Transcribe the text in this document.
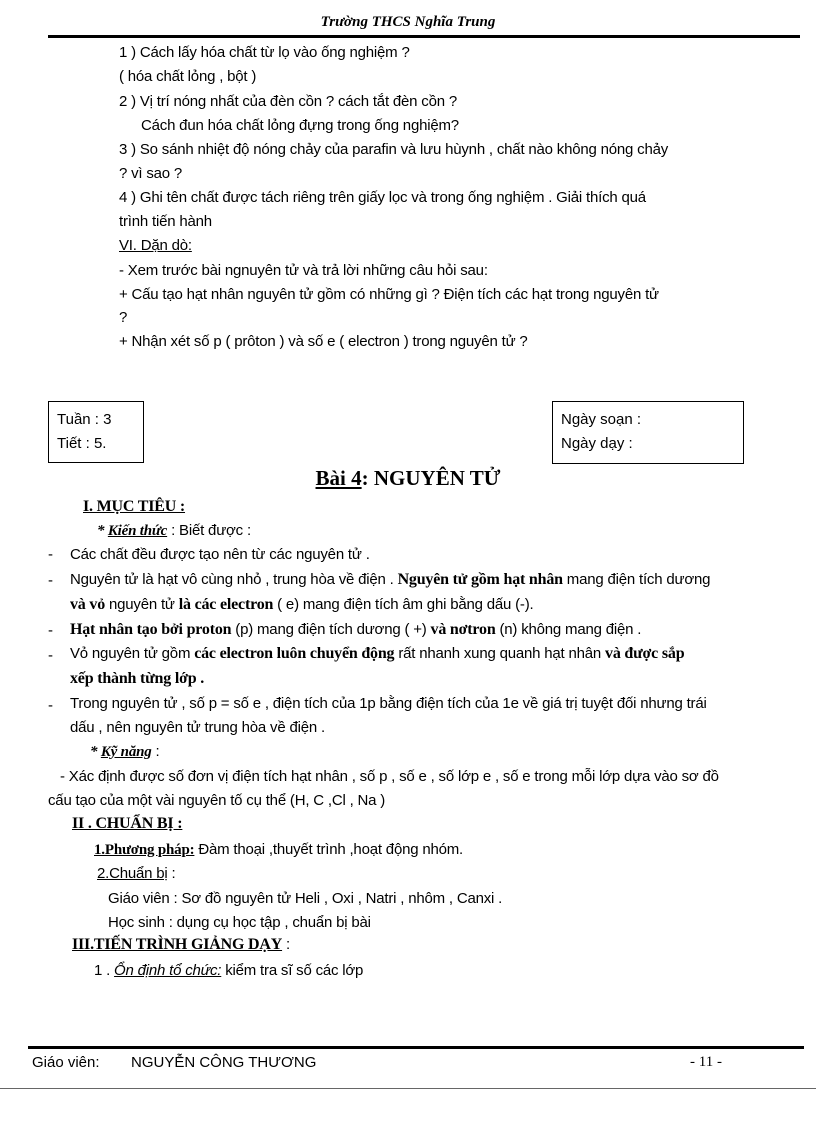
Trường THCS Nghĩa Trung
1 ) Cách lấy hóa chất từ lọ vào ống nghiệm ?
( hóa chất lỏng , bột )
2 ) Vị trí nóng nhất của đèn cồn ? cách tắt đèn cồn ?
Cách đun hóa chất lỏng đựng trong ống nghiệm?
3 ) So sánh nhiệt độ nóng chảy của parafin và lưu hùynh , chất nào không nóng chảy
? vì sao ?
4 ) Ghi tên chất được tách riêng trên giấy lọc và trong ống nghiệm . Giải thích quá
trình tiến hành
VI. Dặn dò:
- Xem trước bài ngnuyên tử và trả lời những câu hỏi sau:
+ Cấu tạo hạt nhân nguyên tử gồm có những gì ? Điện tích các hạt trong nguyên tử
?
+ Nhận xét số p ( prôton ) và số e ( electron ) trong nguyên tử ?
Tuần : 3
Tiết : 5.
Ngày soạn :
Ngày dạy :
Bài 4: NGUYÊN TỬ
I. MỤC TIÊU :
* Kiến thức : Biết được :
- Các chất đều được tạo nên từ các nguyên tử .
- Nguyên tử là hạt vô cùng nhỏ , trung hòa về điện . Nguyên tử gồm hạt nhân mang điện tích dương
và vỏ nguyên tử là các electron ( e) mang điện tích âm ghi bằng dấu (-).
- Hạt nhân tạo bởi proton (p) mang điện tích dương ( +) và nơtron (n) không mang điện .
- Vỏ nguyên tử gồm các electron luôn chuyển động rất nhanh xung quanh hạt nhân và được sắp
xếp thành từng lớp .
- Trong nguyên tử , số p = số e , điện tích của 1p bằng điện tích của 1e về giá trị tuyệt đối nhưng trái
dấu , nên nguyên tử trung hòa về điện .
* Kỹ năng :
- Xác định được số đơn vị điện tích hạt nhân , số p , số e , số lớp e , số e trong mỗi lớp dựa vào sơ đồ
cấu tạo của một vài nguyên tố cụ thể (H, C ,Cl , Na )
II . CHUẨN BỊ :
1.Phương pháp: Đàm thoại ,thuyết trình ,hoạt động nhóm.
2.Chuẩn bị :
Giáo viên : Sơ đồ nguyên tử Heli , Oxi , Natri , nhôm , Canxi .
Học sinh : dụng cụ học tập , chuẩn bị bài
III.TIẾN TRÌNH GIẢNG DẠY :
1 . Ổn định tổ chức: kiểm tra sĩ số các lớp
Giáo viên: NGUYỄN CÔNG THƯƠNG	- 11 -
